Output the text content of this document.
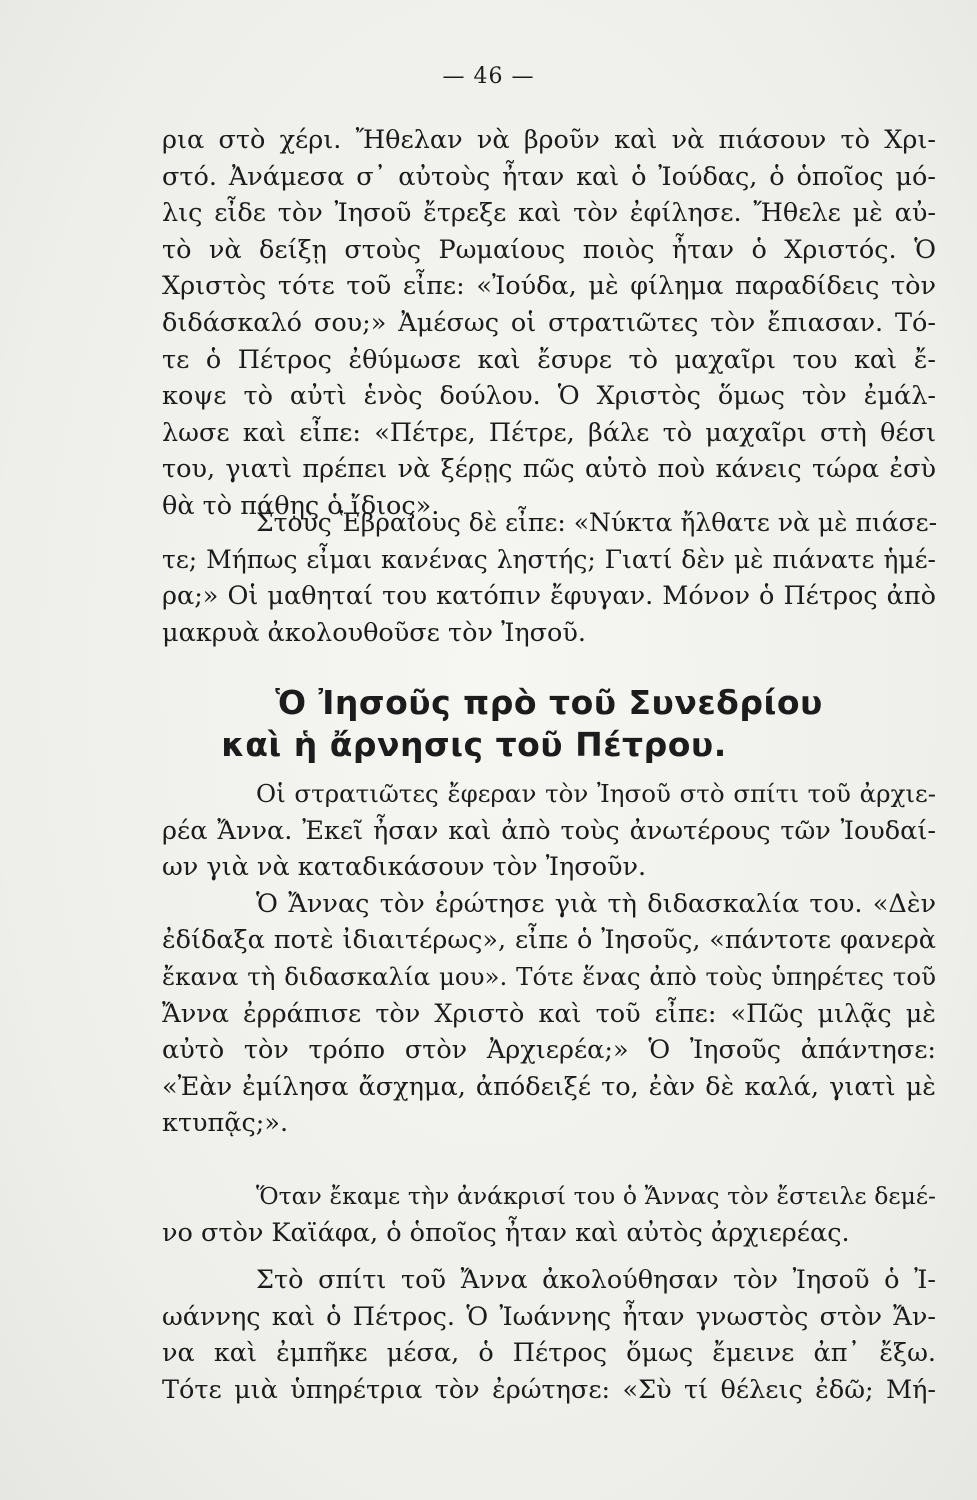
— 46 —
ρια στὸ χέρι. Ἤθελαν νὰ βροῦν καὶ νὰ πιάσουν τὸ Χρι-
στό. Ἀνάμεσα σ᾽ αὐτοὺς ἦταν καὶ ὁ Ἰούδας, ὁ ὁποῖος μό-
λις εἶδε τὸν Ἰησοῦ ἔτρεξε καὶ τὸν ἐφίλησε. Ἤθελε μὲ αὐ-
τὸ νὰ δείξῃ στοὺς Ρωμαίους ποιὸς ἦταν ὁ Χριστός. Ὁ
Χριστὸς τότε τοῦ εἶπε: «Ἰούδα, μὲ φίλημα παραδίδεις τὸν
διδάσκαλό σου;» Ἀμέσως οἱ στρατιῶτες τὸν ἔπιασαν. Τό-
τε ὁ Πέτρος ἐθύμωσε καὶ ἔσυρε τὸ μαχαῖρι του καὶ ἔ-
κοψε τὸ αὐτὶ ἑνὸς δούλου. Ὁ Χριστὸς ὅμως τὸν ἐμάλ-
λωσε καὶ εἶπε: «Πέτρε, Πέτρε, βάλε τὸ μαχαῖρι στὴ θέσι
του, γιατὶ πρέπει νὰ ξέρῃς πῶς αὐτὸ ποὺ κάνεις τώρα ἐσὺ
θὰ τὸ πάθῃς ὁ ἴδιος».
Στοὺς Ἑβραίους δὲ εἶπε: «Νύκτα ἤλθατε νὰ μὲ πιάσε-
τε; Μήπως εἶμαι κανένας ληστής; Γιατί δὲν μὲ πιάνατε ἡμέ-
ρα;» Οἱ μαθηταί του κατόπιν ἔφυγαν. Μόνον ὁ Πέτρος ἀπὸ
μακρυὰ ἀκολουθοῦσε τὸν Ἰησοῦ.
Ὁ Ἰησοῦς πρὸ τοῦ Συνεδρίου
καὶ ἡ ἄρνησις τοῦ Πέτρου.
Οἱ στρατιῶτες ἔφεραν τὸν Ἰησοῦ στὸ σπίτι τοῦ ἀρχιε-
ρέα Ἄννα. Ἐκεῖ ἦσαν καὶ ἀπὸ τοὺς ἀνωτέρους τῶν Ἰουδαί-
ων γιὰ νὰ καταδικάσουν τὸν Ἰησοῦν.
Ὁ Ἄννας τὸν ἐρώτησε γιὰ τὴ διδασκαλία του. «Δὲν
ἐδίδαξα ποτὲ ἰδιαιτέρως», εἶπε ὁ Ἰησοῦς, «πάντοτε φανερὰ
ἔκανα τὴ διδασκαλία μου». Τότε ἕνας ἀπὸ τοὺς ὑπηρέτες τοῦ
Ἄννα ἐρράπισε τὸν Χριστὸ καὶ τοῦ εἶπε: «Πῶς μιλᾷς μὲ
αὐτὸ τὸν τρόπο στὸν Ἀρχιερέα;» Ὁ Ἰησοῦς ἀπάντησε:
«Ἐὰν ἐμίλησα ἄσχημα, ἀπόδειξέ το, ἐὰν δὲ καλά, γιατὶ μὲ
κτυπᾷς;».
Ὅταν ἔκαμε τὴν ἀνάκρισί του ὁ Ἄννας τὸν ἔστειλε δεμέ-
νο στὸν Καϊάφα, ὁ ὁποῖος ἦταν καὶ αὐτὸς ἀρχιερέας.
Στὸ σπίτι τοῦ Ἄννα ἀκολούθησαν τὸν Ἰησοῦ ὁ Ἰ-
ωάννης καὶ ὁ Πέτρος. Ὁ Ἰωάννης ἦταν γνωστὸς στὸν Ἄν-
να καὶ ἐμπῆκε μέσα, ὁ Πέτρος ὅμως ἔμεινε ἀπ᾽ ἔξω.
Τότε μιὰ ὑπηρέτρια τὸν ἐρώτησε: «Σὺ τί θέλεις ἐδῶ; Μή-
